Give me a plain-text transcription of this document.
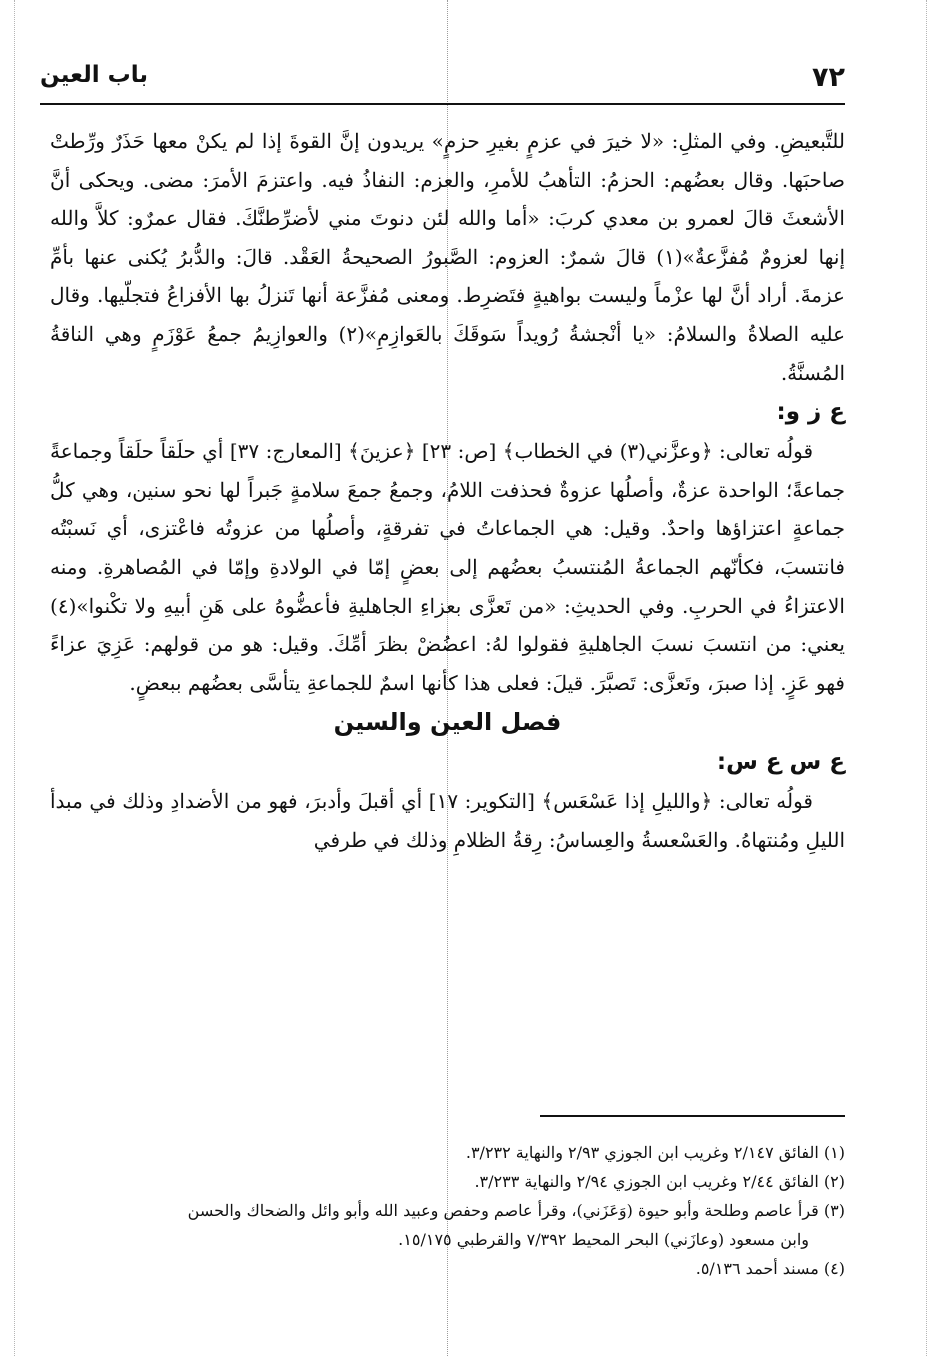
٧٢
باب العين

للتَّبعيضِ. وفي المثلِ: «لا خيرَ في عزمٍ بغيرِ حزمٍ» يريدون إنَّ القوةَ إذا لم يكنْ معها حَذَرٌ ورِّطتْ صاحبَها. وقال بعضُهم: الحزمُ: التأهبُ للأمرِ، والعزم: النفاذُ فيه. واعتزمَ الأمرَ: مضى. ويحكى أنَّ الأشعثَ قالَ لعمرو بن معدي كربَ: «أما والله لئن دنوتَ مني لأضرِّطنَّكَ. فقال عمرٌو: كلاَّ والله إنها لعزومٌ مُفزَّعةٌ»(١) قالَ شمرٌ: العزوم: الصَّبورُ الصحيحةُ العَقْد. قالَ: والدُّبرُ يُكنى عنها بأمِّ عزمةَ. أراد أنَّ لها عزْماً وليست بواهيةٍ فتَضرِط. ومعنى مُفزَّعة أنها تَنزلُ بها الأفزاعُ فتجلّيها. وقال عليه الصلاةُ والسلامُ: «يا أنْجشةُ رُويداً سَوقَكَ بالعَوازِمِ»(٢) والعوازِيمُ جمعُ عَوْزَمٍ وهي الناقةُ المُسنَّةُ.

ع ز و:

قولُه تعالى: ﴿وعزَّني(٣) في الخطاب﴾ [ص: ٢٣] ﴿عزينَ﴾ [المعارج: ٣٧] أي حلَقاً حلَقاً وجماعةً جماعةً؛ الواحدة عزةٌ، وأصلُها عزوةٌ فحذفت اللامُ، وجمعُ جمعَ سلامةٍ جَبراً لها نحو سنين، وهي كلُّ جماعةٍ اعتزاؤها واحدٌ. وقيل: هي الجماعاتُ في تفرقةٍ، وأصلُها من عزوتُه فاعْتزى، أي نَسبْتُه فانتسبَ، فكأنّهم الجماعةُ المُنتسبُ بعضُهم إلى بعضٍ إمّا في الولادةِ وإمّا في المُصاهرةِ. ومنه الاعتزاءُ في الحربِ. وفي الحديثِ: «من تَعزَّى بعزاءِ الجاهليةِ فأعضُّوهُ على هَنِ أبيهِ ولا تكْنوا»(٤) يعني: من انتسبَ نسبَ الجاهليةِ فقولوا لهُ: اعضُضْ بظرَ أمِّكَ. وقيل: هو من قولهم: عَزِيَ عزاءً فهو عَزٍ. إذا صبرَ، وتَعزَّى: تَصبَّرَ. قيلَ: فعلى هذا كأنها اسمٌ للجماعةِ يتأسَّى بعضُهم ببعضٍ.

فصل العين والسين

ع س ع س:

قولُه تعالى: ﴿والليلِ إذا عَسْعَس﴾ [التكوير: ١٧] أي أقبلَ وأدبرَ، فهو من الأضدادِ وذلك في مبدأ الليلِ ومُنتهاهُ. والعَسْعسةُ والعِساسُ: رِقةُ الظلامِ وذلك في طرفي

(١) الفائق ٢/١٤٧ وغريب ابن الجوزي ٢/٩٣ والنهاية ٣/٢٣٢.

(٢) الفائق ٢/٤٤ وغريب ابن الجوزي ٢/٩٤ والنهاية ٣/٢٣٣.

(٣) قرأ عاصم وطلحة وأبو حيوة (وَعَزَني)، وقرأ عاصم وحفص وعبيد الله وأبو وائل والضحاك والحسن

وابن مسعود (وعازَني) البحر المحيط ٧/٣٩٢ والقرطبي ١٥/١٧٥.

(٤) مسند أحمد ٥/١٣٦.
